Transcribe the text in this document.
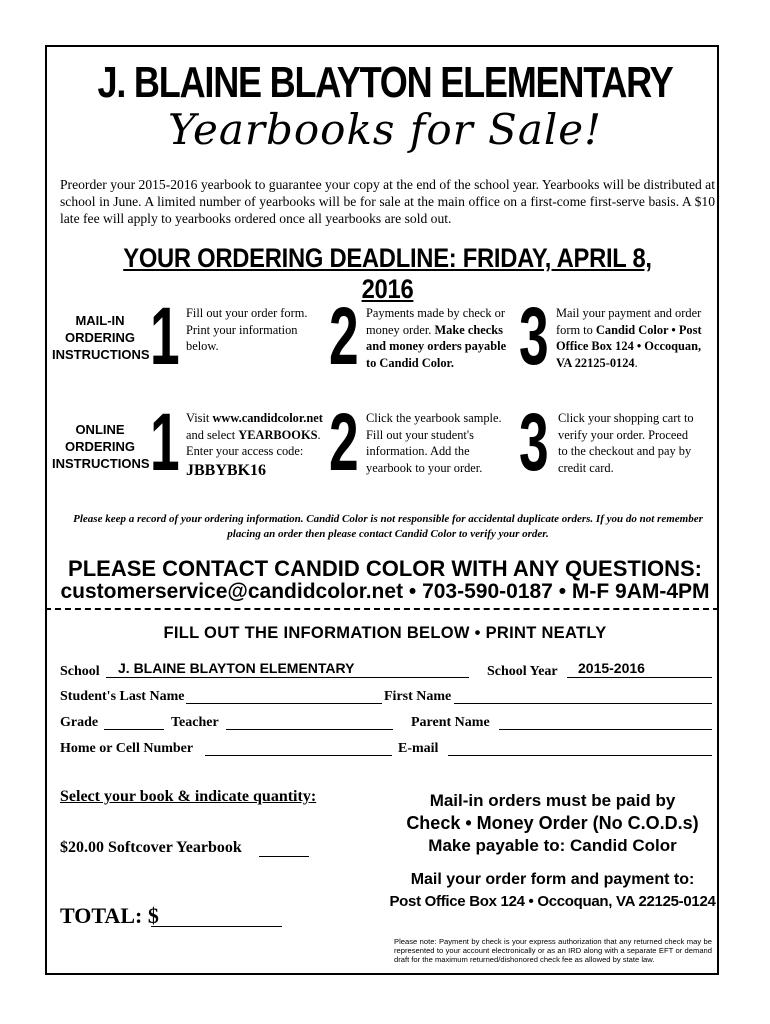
J. BLAINE BLAYTON ELEMENTARY
Yearbooks for Sale!
Preorder your 2015-2016 yearbook to guarantee your copy at the end of the school year. Yearbooks will be distributed at school in June. A limited number of yearbooks will be for sale at the main office on a first-come first-serve basis. A $10 late fee will apply to yearbooks ordered once all yearbooks are sold out.
YOUR ORDERING DEADLINE: FRIDAY, APRIL 8, 2016
MAIL-IN
ORDERING
INSTRUCTIONS 1 Fill out your order form. Print your information below.	2 Payments made by check or money order. Make checks and money orders payable to Candid Color. 3 Mail your payment and order form to Candid Color • Post Office Box 124 • Occoquan, VA 22125-0124.
ONLINE
ORDERING
INSTRUCTIONS 1 Visit www.candidcolor.net and select YEARBOOKS. Enter your access code:
JBBYBK16 2 Click the yearbook sample. Fill out your student's information. Add the yearbook to your order. 3 Click your shopping cart to verify your order. Proceed to the checkout and pay by credit card.
Please keep a record of your ordering information. Candid Color is not responsible for accidental duplicate orders. If you do not remember placing an order then please contact Candid Color to verify your order.
PLEASE CONTACT CANDID COLOR WITH ANY QUESTIONS:
customerservice@candidcolor.net • 703-590-0187 • M-F 9AM-4PM
FILL OUT THE INFORMATION BELOW • PRINT NEATLY
School J. BLAINE BLAYTON ELEMENTARY	School Year 2015-2016
Student's Last Name	First Name
Grade	Teacher	Parent Name
Home or Cell Number	E-mail
Select your book & indicate quantity:
$20.00 Softcover Yearbook
TOTAL: $
Mail-in orders must be paid by
Check • Money Order (No C.O.D.s)
Make payable to: Candid Color
Mail your order form and payment to:
Post Office Box 124 • Occoquan, VA 22125-0124
Please note: Payment by check is your express authorization that any returned check may be represented to your account electronically or as an IRD along with a separate EFT or demand draft for the maximum returned/dishonored check fee as allowed by state law.
